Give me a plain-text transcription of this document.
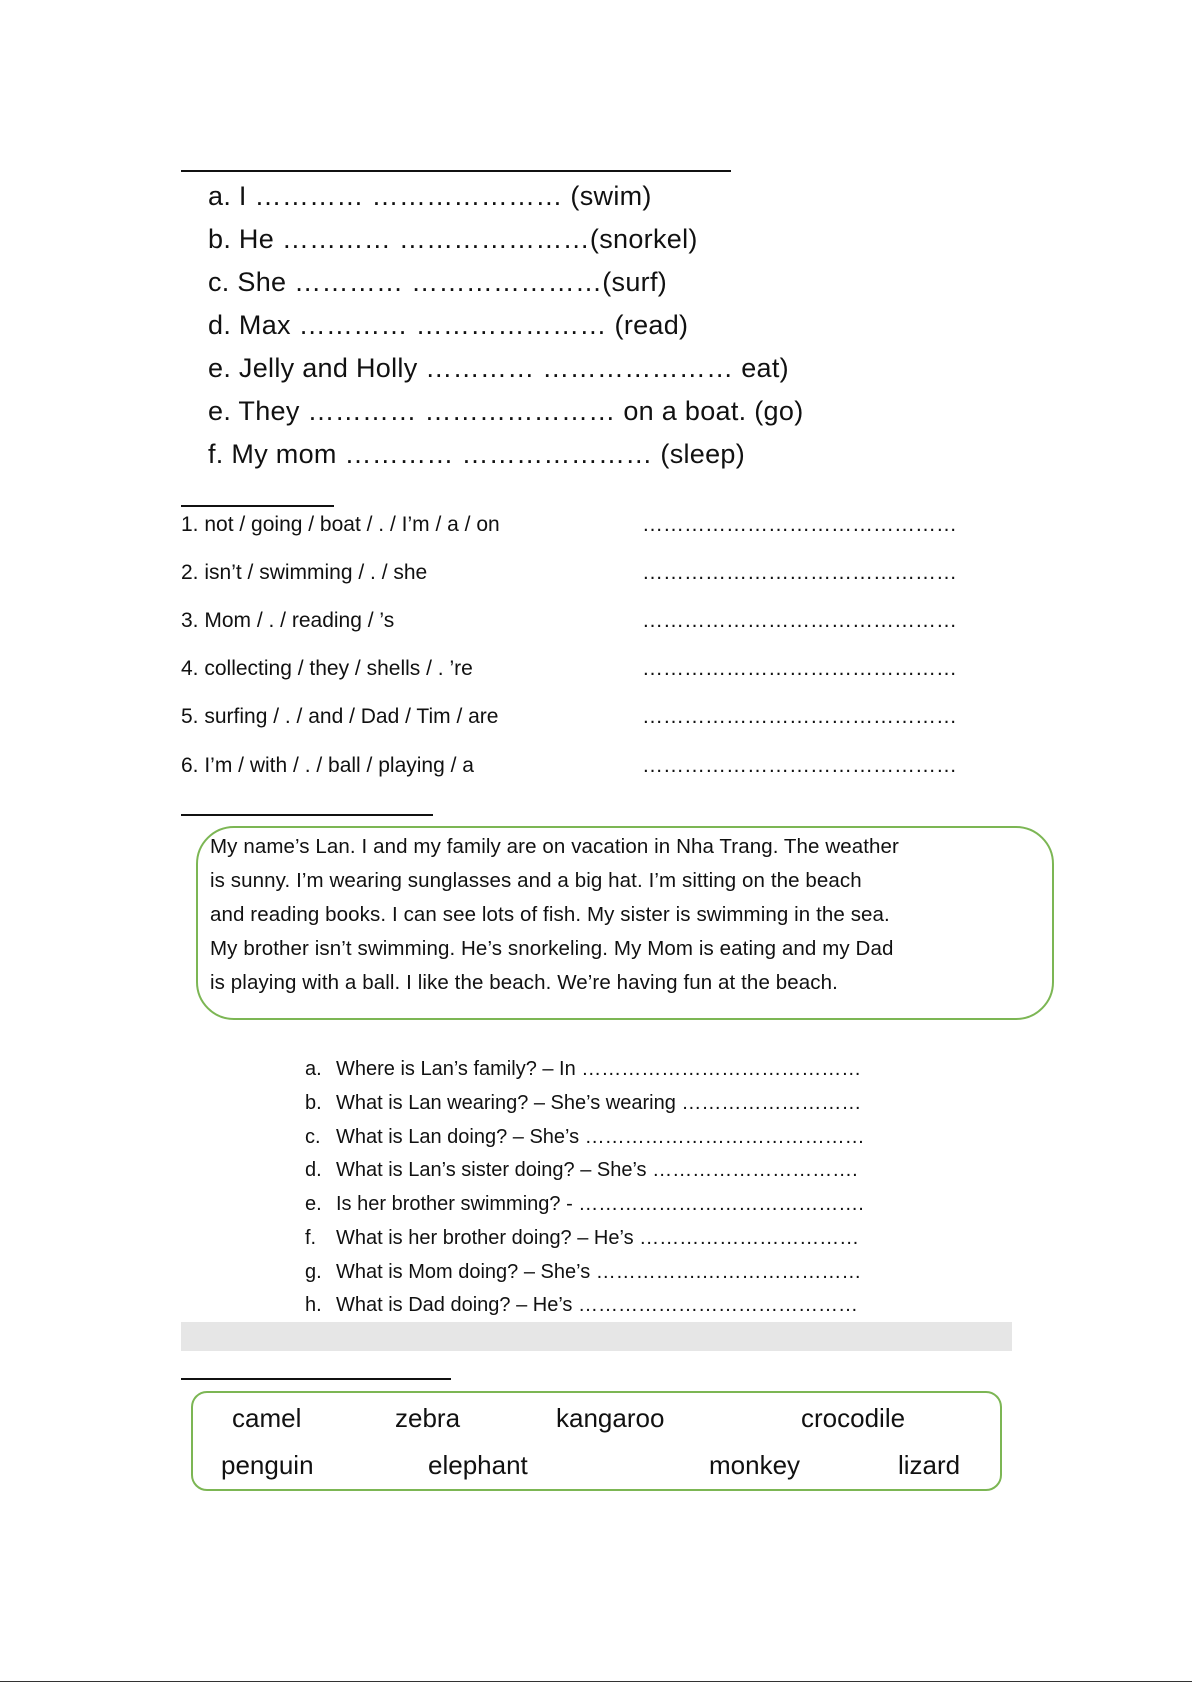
a. I ………… ………………… (swim)
b. He ………… …………………(snorkel)
c. She ………… …………………(surf)
d. Max ………… ………………… (read)
e. Jelly and Holly ………… ………………… eat)
e. They ………… ………………… on a boat. (go)
f. My mom ………… ………………… (sleep)
1. not / going / boat / . / I’m / a / on	………………………………………
2. isn’t / swimming / . / she	………………………………………
3. Mom / . / reading / ’s	………………………………………
4. collecting / they / shells / . ’re	………………………………………
5. surfing / . / and / Dad / Tim / are	………………………………………
6. I’m / with / . / ball / playing / a	………………………………………
My name’s Lan. I and my family are on vacation in Nha Trang. The weather
is sunny. I’m wearing sunglasses and a big hat. I’m sitting on the beach
and reading books. I can see lots of fish. My sister is swimming in the sea.
My brother isn’t swimming. He’s snorkeling. My Mom is eating and my Dad
is playing with a ball. I like the beach. We’re having fun at the beach.
a. Where is Lan’s family? – In ……………………………………
b. What is Lan wearing? – She’s wearing ………………………
c. What is Lan doing? – She’s ……………………………………
d. What is Lan’s sister doing? – She’s ………………………….
e. Is her brother swimming? - …………………………………….
f. What is her brother doing? – He’s ……………………………
g. What is Mom doing? – She’s …………….……………………
h. What is Dad doing? – He’s ……………………………………
camel	zebra	kangaroo	crocodile
penguin	elephant	monkey	lizard
